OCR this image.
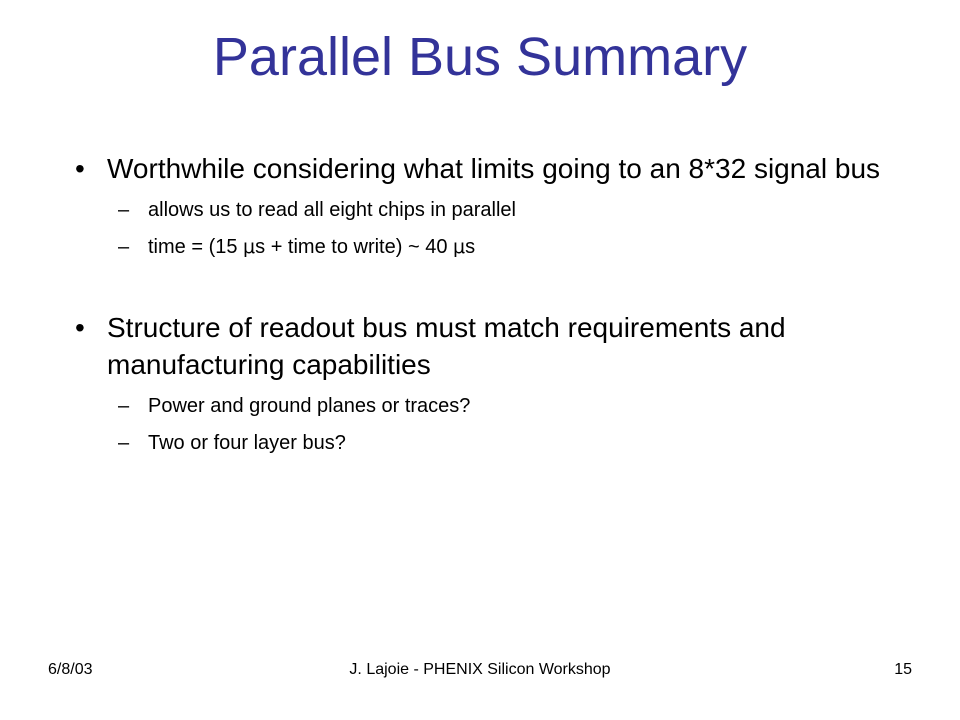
Parallel Bus Summary
• Worthwhile considering what limits going to an 8*32 signal bus
– allows us to read all eight chips in parallel
– time = (15 μs + time to write) ~ 40 μs
• Structure of readout bus must match requirements and manufacturing capabilities
– Power and ground planes or traces?
– Two or four layer bus?
6/8/03	J. Lajoie - PHENIX Silicon Workshop	15
